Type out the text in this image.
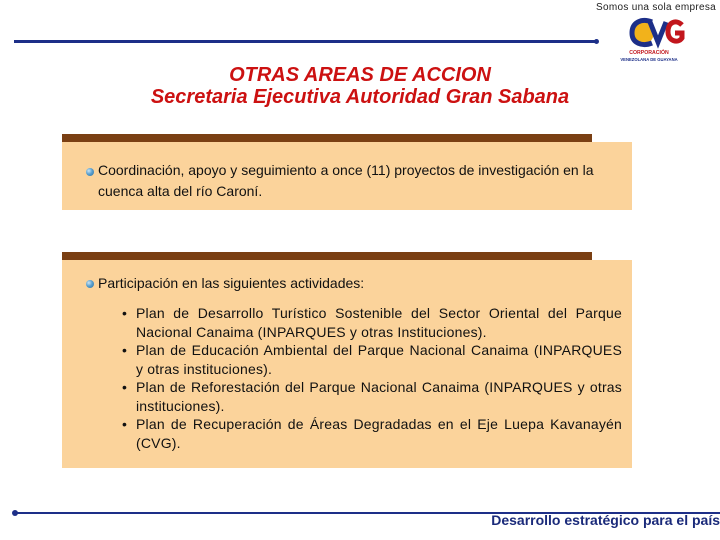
Somos una sola empresa
CORPORACIÓN
VENEZOLANA DE GUAYANA
OTRAS AREAS DE ACCION
Secretaria Ejecutiva Autoridad Gran Sabana
Coordinación, apoyo y seguimiento a once (11) proyectos de investigación en la cuenca alta del río Caroní.
Participación en las siguientes actividades:
• Plan de Desarrollo Turístico Sostenible del Sector Oriental del Parque Nacional Canaima (INPARQUES y otras Instituciones).
• Plan de Educación Ambiental del Parque Nacional Canaima (INPARQUES y otras instituciones).
• Plan de Reforestación del Parque Nacional Canaima (INPARQUES y otras instituciones).
• Plan de Recuperación de Áreas Degradadas en el Eje Luepa Kavanayén (CVG).
Desarrollo estratégico para el país
